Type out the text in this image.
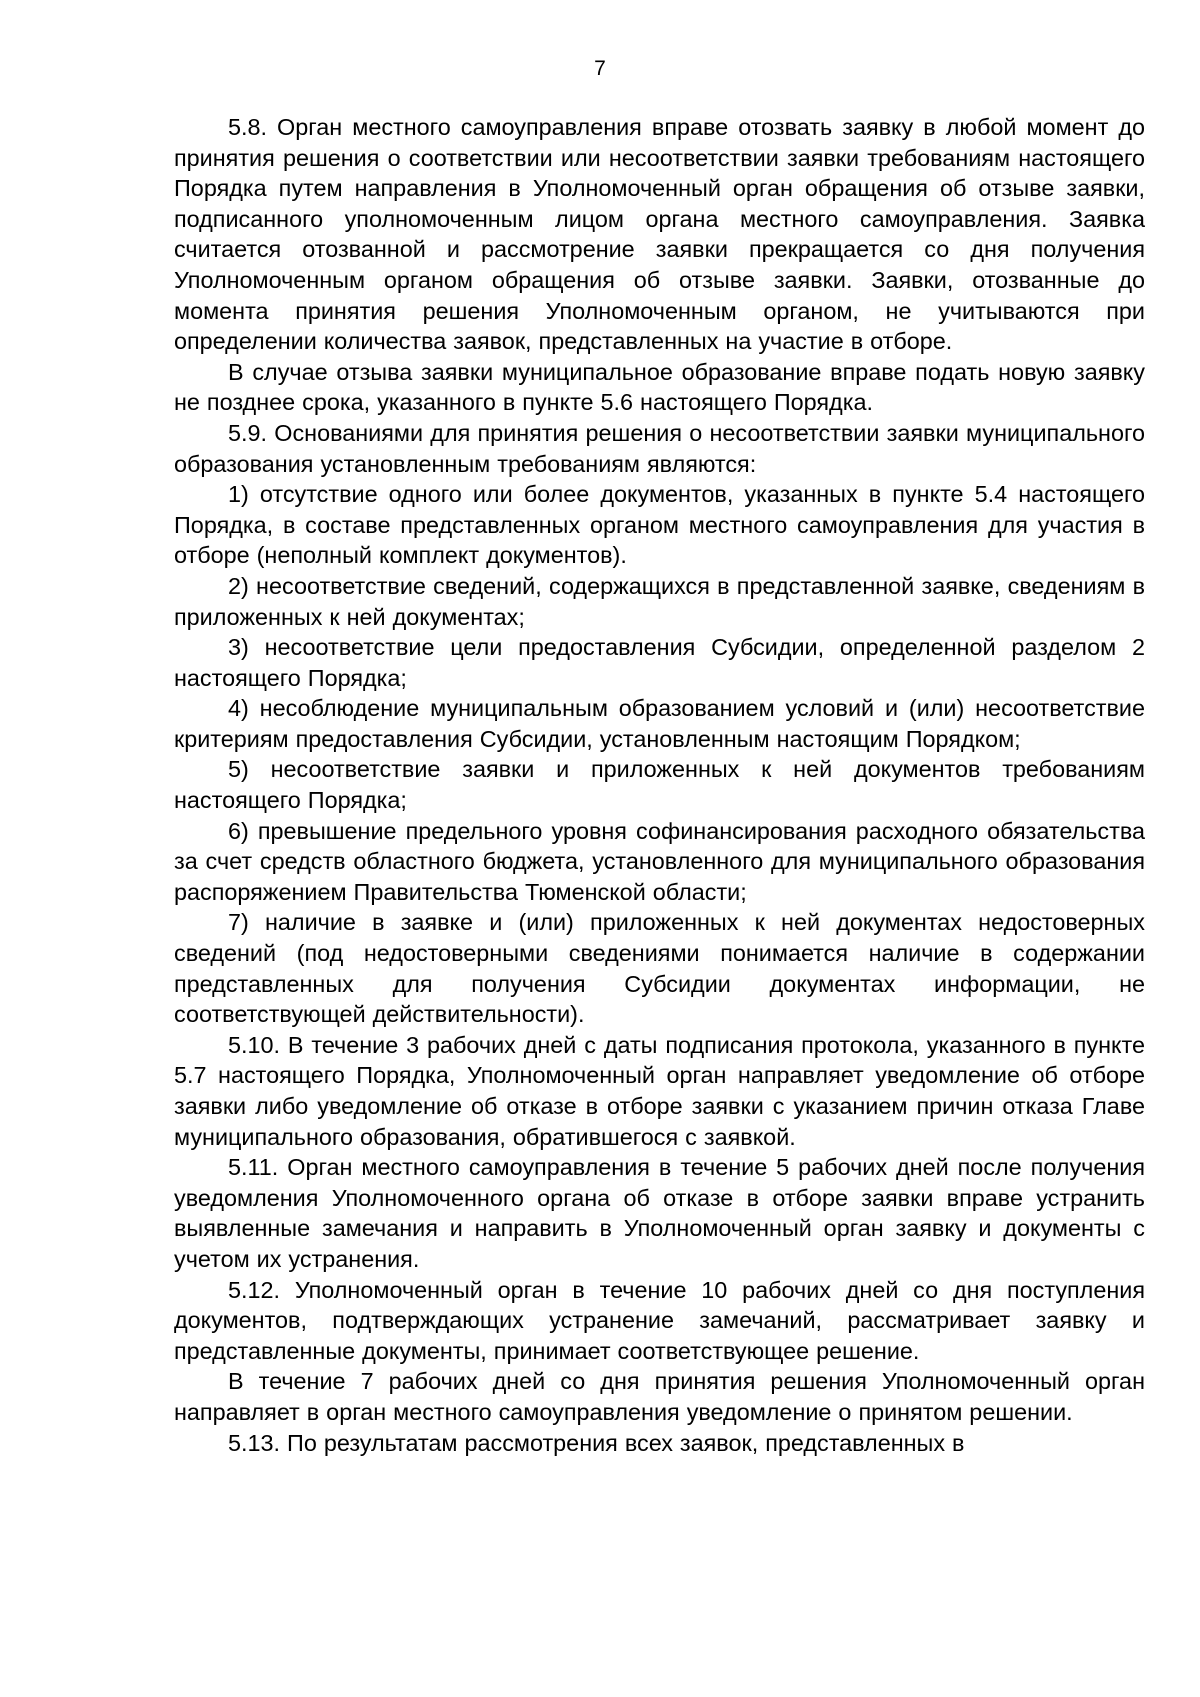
7

5.8. Орган местного самоуправления вправе отозвать заявку в любой момент до принятия решения о соответствии или несоответствии заявки требованиям настоящего Порядка путем направления в Уполномоченный орган обращения об отзыве заявки, подписанного уполномоченным лицом органа местного самоуправления. Заявка считается отозванной и рассмотрение заявки прекращается со дня получения Уполномоченным органом обращения об отзыве заявки. Заявки, отозванные до момента принятия решения Уполномоченным органом, не учитываются при определении количества заявок, представленных на участие в отборе.

В случае отзыва заявки муниципальное образование вправе подать новую заявку не позднее срока, указанного в пункте 5.6 настоящего Порядка.

5.9. Основаниями для принятия решения о несоответствии заявки муниципального образования установленным требованиям являются:

1) отсутствие одного или более документов, указанных в пункте 5.4 настоящего Порядка, в составе представленных органом местного самоуправления для участия в отборе (неполный комплект документов).

2) несоответствие сведений, содержащихся в представленной заявке, сведениям в приложенных к ней документах;

3) несоответствие цели предоставления Субсидии, определенной разделом 2 настоящего Порядка;

4) несоблюдение муниципальным образованием условий и (или) несоответствие критериям предоставления Субсидии, установленным настоящим Порядком;

5) несоответствие заявки и приложенных к ней документов требованиям настоящего Порядка;

6) превышение предельного уровня софинансирования расходного обязательства за счет средств областного бюджета, установленного для муниципального образования распоряжением Правительства Тюменской области;

7) наличие в заявке и (или) приложенных к ней документах недостоверных сведений (под недостоверными сведениями понимается наличие в содержании представленных для получения Субсидии документах информации, не соответствующей действительности).

5.10. В течение 3 рабочих дней с даты подписания протокола, указанного в пункте 5.7 настоящего Порядка, Уполномоченный орган направляет уведомление об отборе заявки либо уведомление об отказе в отборе заявки с указанием причин отказа Главе муниципального образования, обратившегося с заявкой.

5.11. Орган местного самоуправления в течение 5 рабочих дней после получения уведомления Уполномоченного органа об отказе в отборе заявки вправе устранить выявленные замечания и направить в Уполномоченный орган заявку и документы с учетом их устранения.

5.12. Уполномоченный орган в течение 10 рабочих дней со дня поступления документов, подтверждающих устранение замечаний, рассматривает заявку и представленные документы, принимает соответствующее решение.

В течение 7 рабочих дней со дня принятия решения Уполномоченный орган направляет в орган местного самоуправления уведомление о принятом решении.

5.13. По результатам рассмотрения всех заявок, представленных в
